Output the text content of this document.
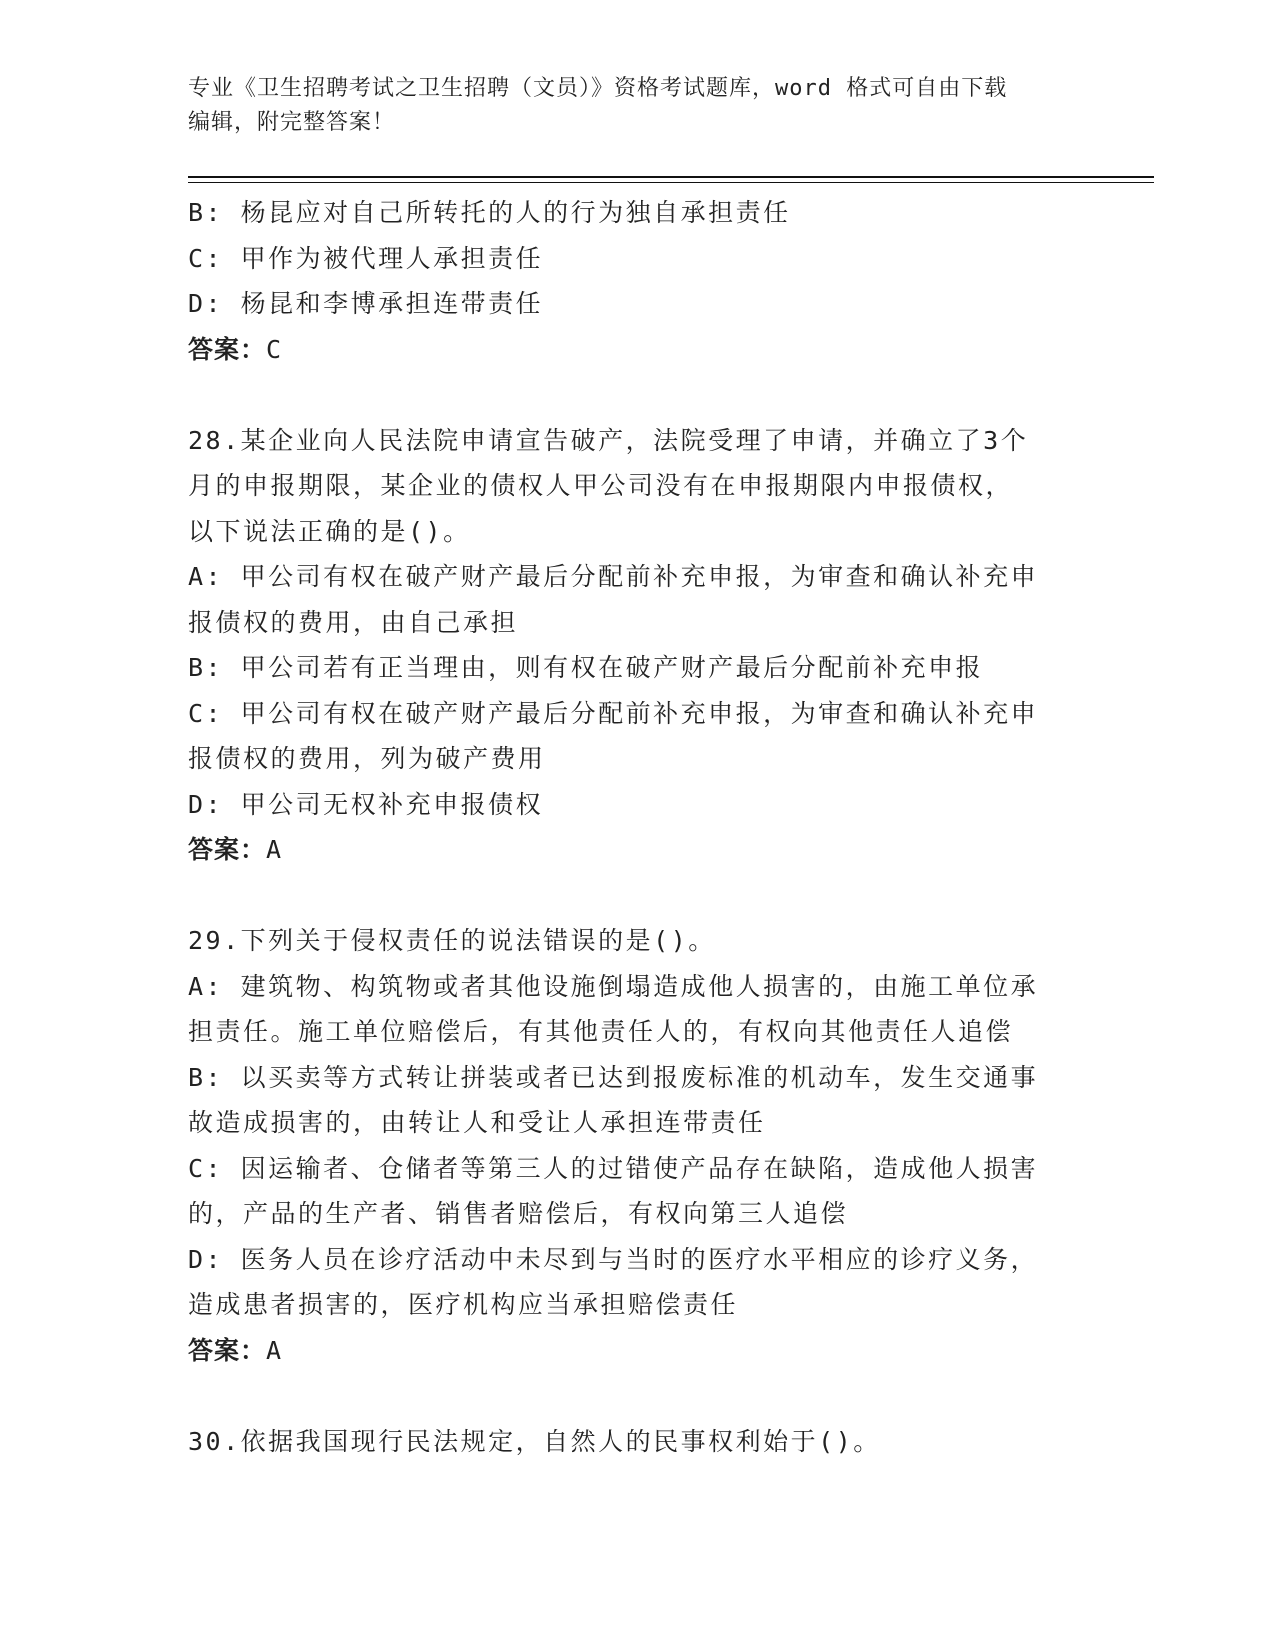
专业《卫生招聘考试之卫生招聘（文员）》资格考试题库，word 格式可自由下载
编辑，附完整答案！
B: 杨昆应对自己所转托的人的行为独自承担责任
C: 甲作为被代理人承担责任
D: 杨昆和李博承担连带责任
答案：C
28.某企业向人民法院申请宣告破产，法院受理了申请，并确立了3个
月的申报期限，某企业的债权人甲公司没有在申报期限内申报债权，
以下说法正确的是()。
A: 甲公司有权在破产财产最后分配前补充申报，为审查和确认补充申
报债权的费用，由自己承担
B: 甲公司若有正当理由，则有权在破产财产最后分配前补充申报
C: 甲公司有权在破产财产最后分配前补充申报，为审查和确认补充申
报债权的费用，列为破产费用
D: 甲公司无权补充申报债权
答案：A
29.下列关于侵权责任的说法错误的是()。
A: 建筑物、构筑物或者其他设施倒塌造成他人损害的，由施工单位承
担责任。施工单位赔偿后，有其他责任人的，有权向其他责任人追偿
B: 以买卖等方式转让拼装或者已达到报废标准的机动车，发生交通事
故造成损害的，由转让人和受让人承担连带责任
C: 因运输者、仓储者等第三人的过错使产品存在缺陷，造成他人损害
的，产品的生产者、销售者赔偿后，有权向第三人追偿
D: 医务人员在诊疗活动中未尽到与当时的医疗水平相应的诊疗义务，
造成患者损害的，医疗机构应当承担赔偿责任
答案：A
30.依据我国现行民法规定，自然人的民事权利始于()。
